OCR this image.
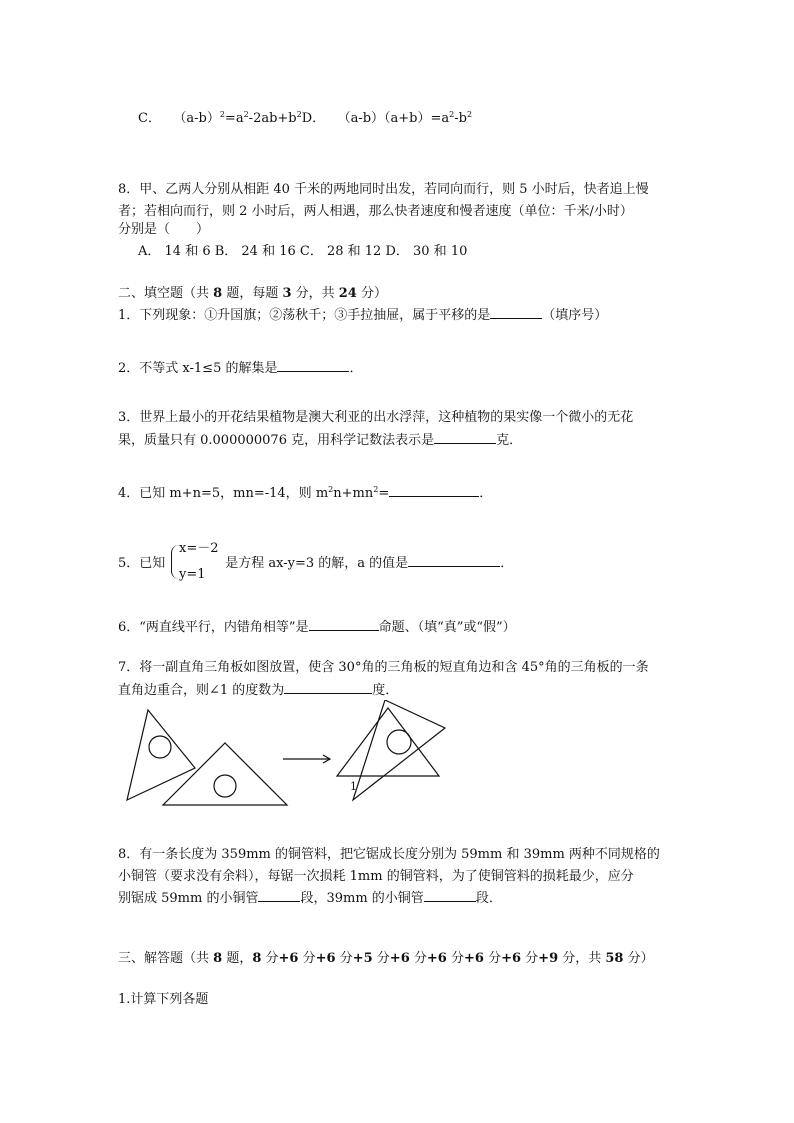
C． $(a-b)^2=a^2-2ab+b^2D$． $(a-b)(a+b)=a^2-b^2$
8．甲、乙两人分别从相距 40 千米的两地同时出发，若同向而行，则 5 小时后，快者追上慢
者；若相向而行，则 2 小时后，两人相遇，那么快者速度和慢者速度（单位：千米/小时）
分别是（　　）
A． 14 和 6 B． 24 和 16 C． 28 和 12 D． 30 和 10
二、填空题（共 8 题，每题 3 分，共 24 分）
1．下列现象：①升国旗；②荡秋千；③手拉抽屉，属于平移的是	（填序号）
2．不等式 x-1≤5 的解集是	．
3．世界上最小的开花结果植物是澳大利亚的出水浮萍，这种植物的果实像一个微小的无花
果，质量只有 0.000000076 克，用科学记数法表示是	克．
4．已知 m+n=5，mn=-14，则 $m^2n+mn^2=$	．
5．已知	是方程 ax-y=3 的解，a 的值是	．
x=－2
y=1
6．“两直线平行，内错角相等”是	命题、（填“真”或“假”）
7．将一副直角三角板如图放置，使含 30°角的三角板的短直角边和含 45°角的三角板的一条
直角边重合，则∠1 的度数为	度．
1
8．有一条长度为 359mm 的铜管料，把它锯成长度分别为 59mm 和 39mm 两种不同规格的
小铜管（要求没有余料），每锯一次损耗 1mm 的铜管料，为了使铜管料的损耗最少，应分
别锯成 59mm 的小铜管	段，39mm 的小铜管	段．
三、解答题（共 8 题，8 分+6 分+6 分+5 分+6 分+6 分+6 分+6 分+9 分，共 58 分）
1.计算下列各题
